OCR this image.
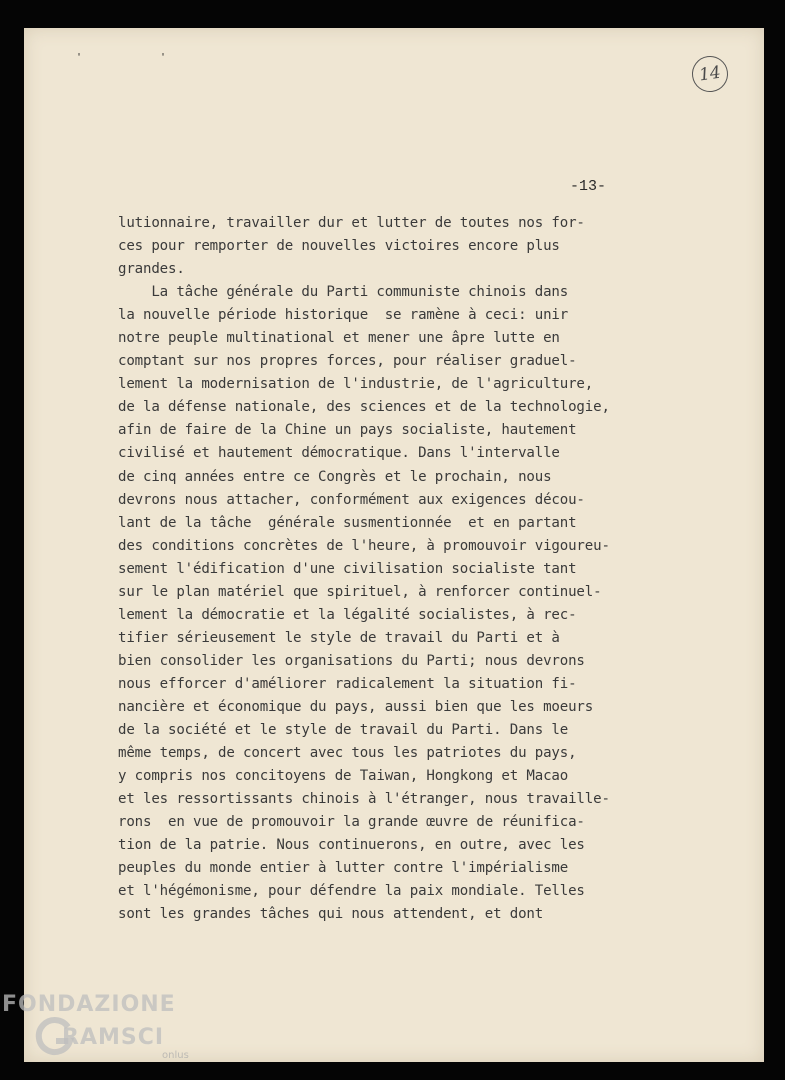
' '
14
-13-
lutionnaire, travailler dur et lutter de toutes nos for-
ces pour remporter de nouvelles victoires encore plus
grandes.
La tâche générale du Parti communiste chinois dans
la nouvelle période historique  se ramène à ceci: unir
notre peuple multinational et mener une âpre lutte en
comptant sur nos propres forces, pour réaliser graduel-
lement la modernisation de l'industrie, de l'agriculture,
de la défense nationale, des sciences et de la technologie,
afin de faire de la Chine un pays socialiste, hautement
civilisé et hautement démocratique. Dans l'intervalle
de cinq années entre ce Congrès et le prochain, nous
devrons nous attacher, conformément aux exigences décou-
lant de la tâche  générale susmentionnée  et en partant
des conditions concrètes de l'heure, à promouvoir vigoureu-
sement l'édification d'une civilisation socialiste tant
sur le plan matériel que spirituel, à renforcer continuel-
lement la démocratie et la légalité socialistes, à rec-
tifier sérieusement le style de travail du Parti et à
bien consolider les organisations du Parti; nous devrons
nous efforcer d'améliorer radicalement la situation fi-
nancière et économique du pays, aussi bien que les moeurs
de la société et le style de travail du Parti. Dans le
même temps, de concert avec tous les patriotes du pays,
y compris nos concitoyens de Taiwan, Hongkong et Macao
et les ressortissants chinois à l'étranger, nous travaille-
rons  en vue de promouvoir la grande œuvre de réunifica-
tion de la patrie. Nous continuerons, en outre, avec les
peuples du monde entier à lutter contre l'impérialisme
et l'hégémonisme, pour défendre la paix mondiale. Telles
sont les grandes tâches qui nous attendent, et dont
FONDAZIONE
RAMSCI
onlus
